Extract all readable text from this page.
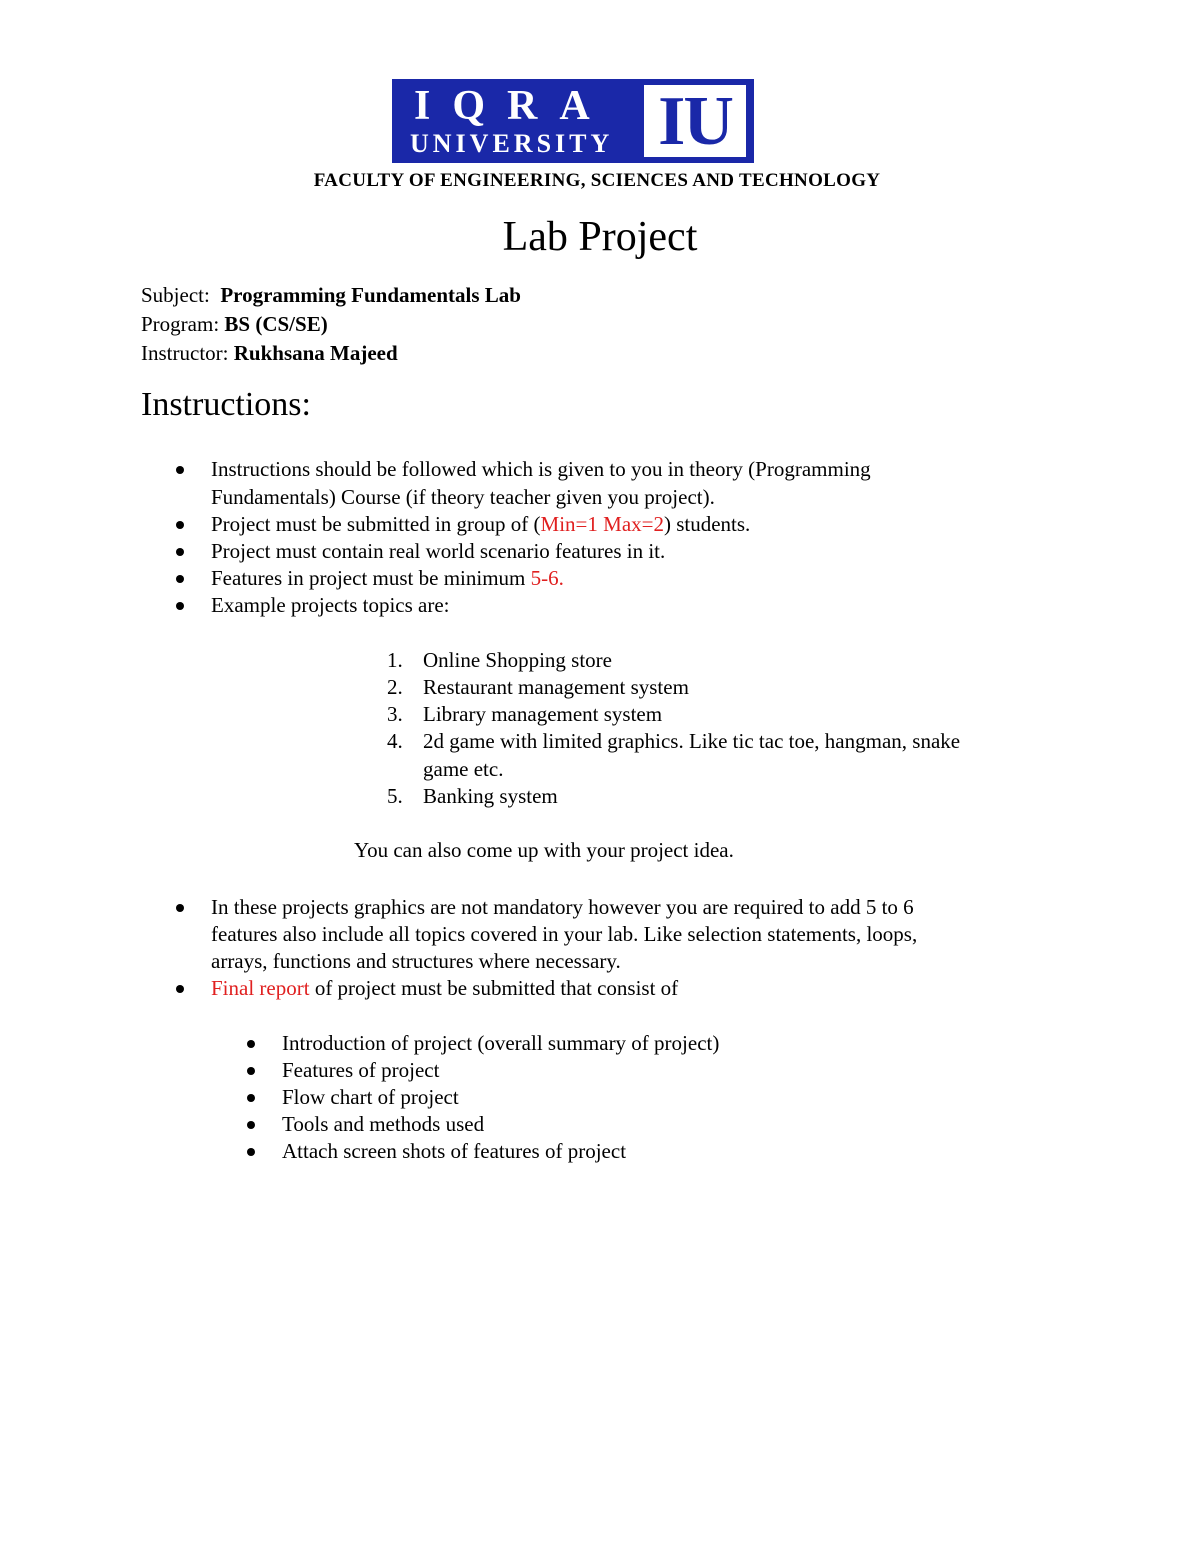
IQRA
UNIVERSITY IU
FACULTY OF ENGINEERING, SCIENCES AND TECHNOLOGY
Lab Project
Subject: Programming Fundamentals Lab
Program: BS (CS/SE)
Instructor: Rukhsana Majeed
Instructions:
Instructions should be followed which is given to you in theory (Programming
Fundamentals) Course (if theory teacher given you project).
Project must be submitted in group of (Min=1 Max=2) students.
Project must contain real world scenario features in it.
Features in project must be minimum 5-6.
Example projects topics are:
1. Online Shopping store
2. Restaurant management system
3. Library management system
4. 2d game with limited graphics. Like tic tac toe, hangman, snake
game etc.
5. Banking system
You can also come up with your project idea.
In these projects graphics are not mandatory however you are required to add 5 to 6
features also include all topics covered in your lab. Like selection statements, loops,
arrays, functions and structures where necessary.
Final report of project must be submitted that consist of
Introduction of project (overall summary of project)
Features of project
Flow chart of project
Tools and methods used
Attach screen shots of features of project
